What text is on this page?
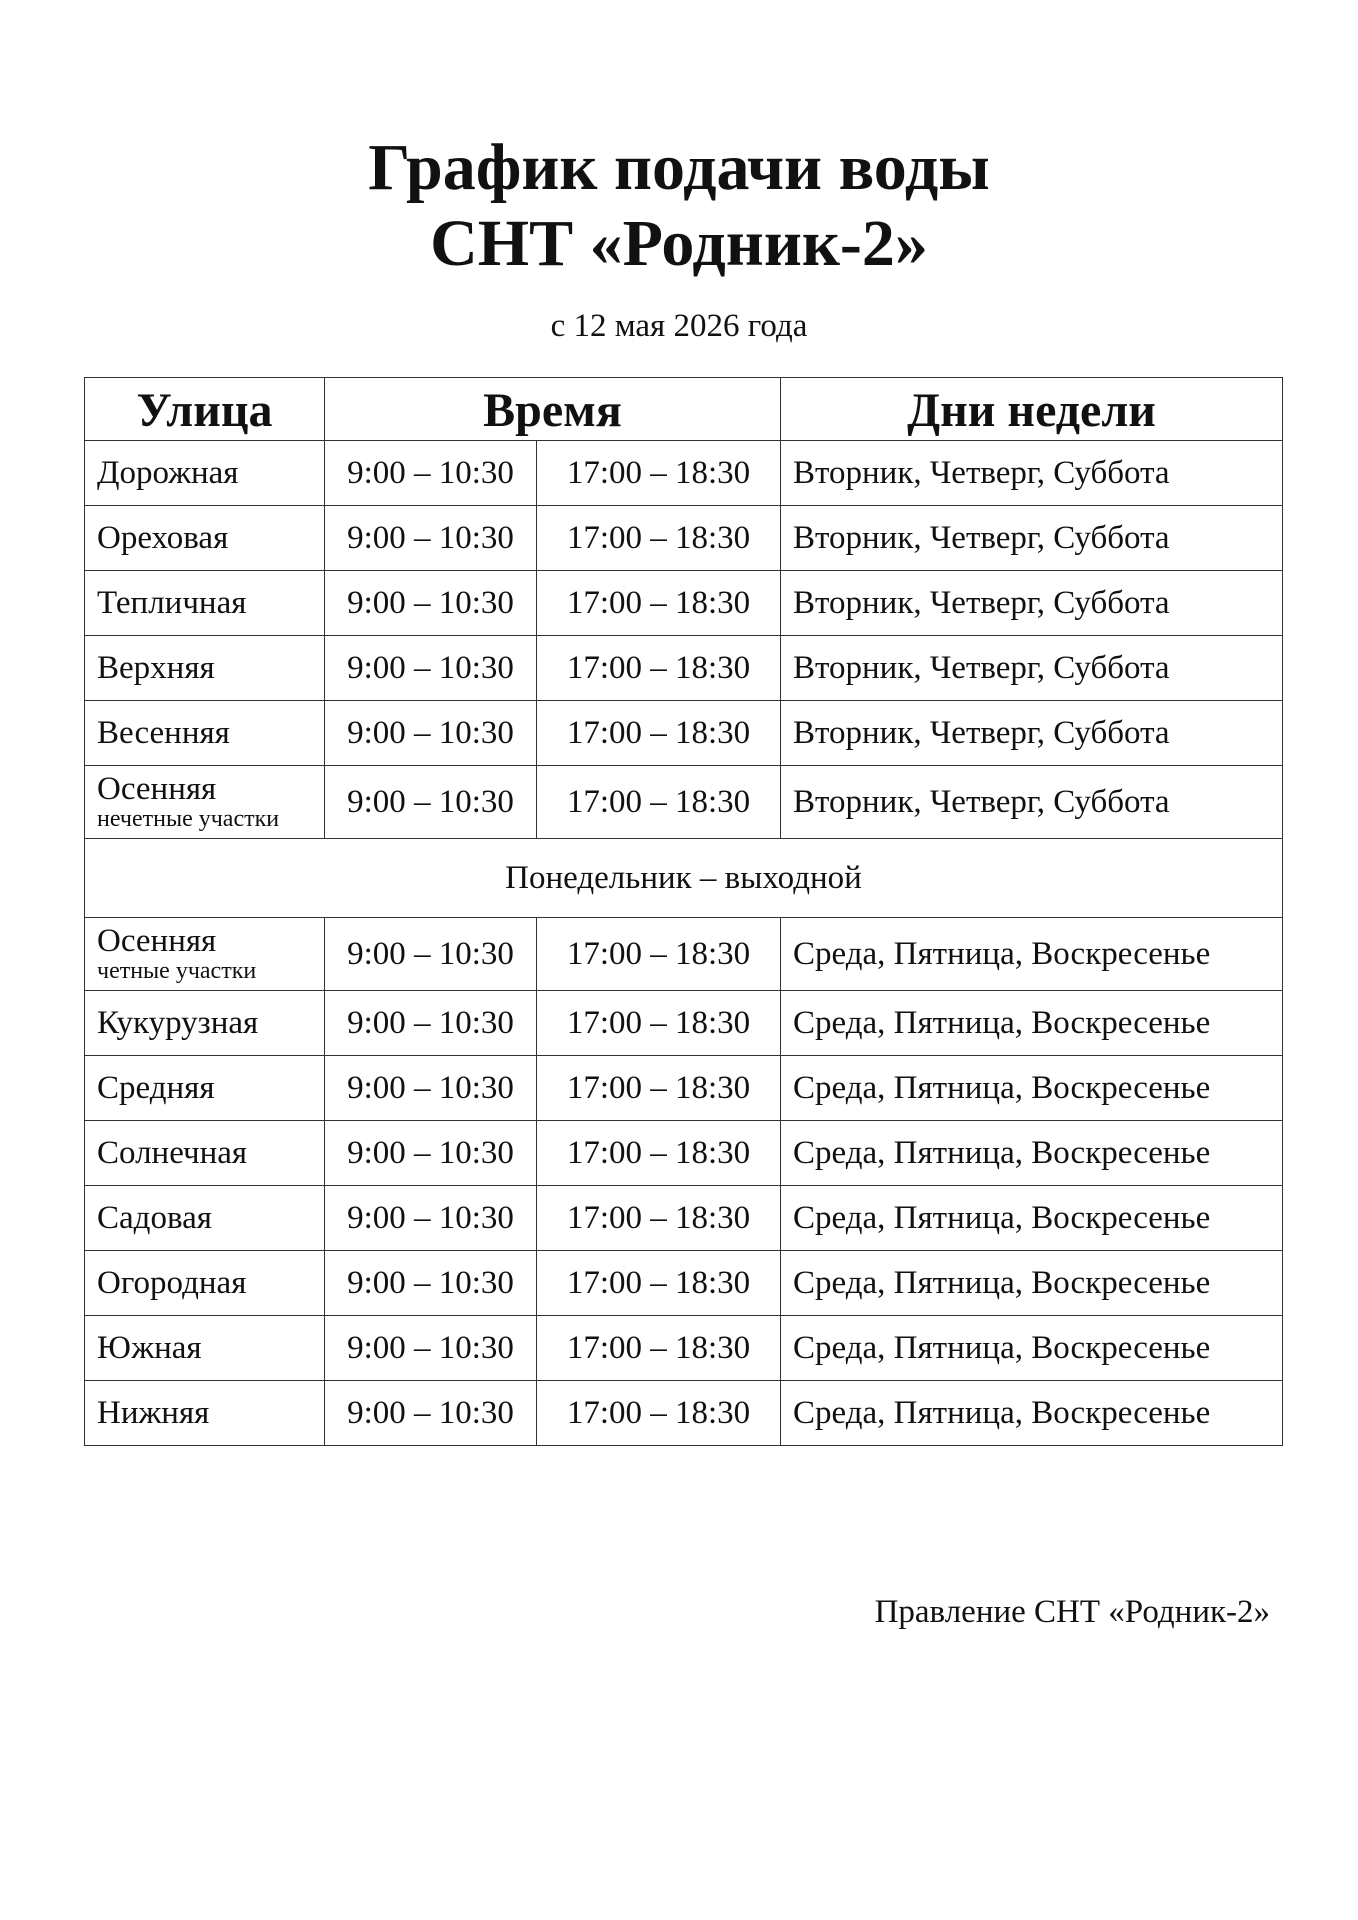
График подачи воды
СНТ «Родник-2»
с 12 мая 2026 года
Улица	Время		Дни недели

Дорожная	9:00 – 10:30	17:00 – 18:30	Вторник, Четверг, Суббота

Ореховая	9:00 – 10:30	17:00 – 18:30	Вторник, Четверг, Суббота

Тепличная	9:00 – 10:30	17:00 – 18:30	Вторник, Четверг, Суббота

Верхняя	9:00 – 10:30	17:00 – 18:30	Вторник, Четверг, Суббота

Весенняя	9:00 – 10:30	17:00 – 18:30	Вторник, Четверг, Суббота

Осенняя
нечетные участки	9:00 – 10:30	17:00 – 18:30	Вторник, Четверг, Суббота
Понедельник – выходной			

Осенняя
четные участки	9:00 – 10:30	17:00 – 18:30	Среда, Пятница, Воскресенье

Кукурузная	9:00 – 10:30	17:00 – 18:30	Среда, Пятница, Воскресенье

Средняя	9:00 – 10:30	17:00 – 18:30	Среда, Пятница, Воскресенье

Солнечная	9:00 – 10:30	17:00 – 18:30	Среда, Пятница, Воскресенье

Садовая	9:00 – 10:30	17:00 – 18:30	Среда, Пятница, Воскресенье

Огородная	9:00 – 10:30	17:00 – 18:30	Среда, Пятница, Воскресенье

Южная	9:00 – 10:30	17:00 – 18:30	Среда, Пятница, Воскресенье

Нижняя	9:00 – 10:30	17:00 – 18:30	Среда, Пятница, Воскресенье
Правление СНТ «Родник-2»
